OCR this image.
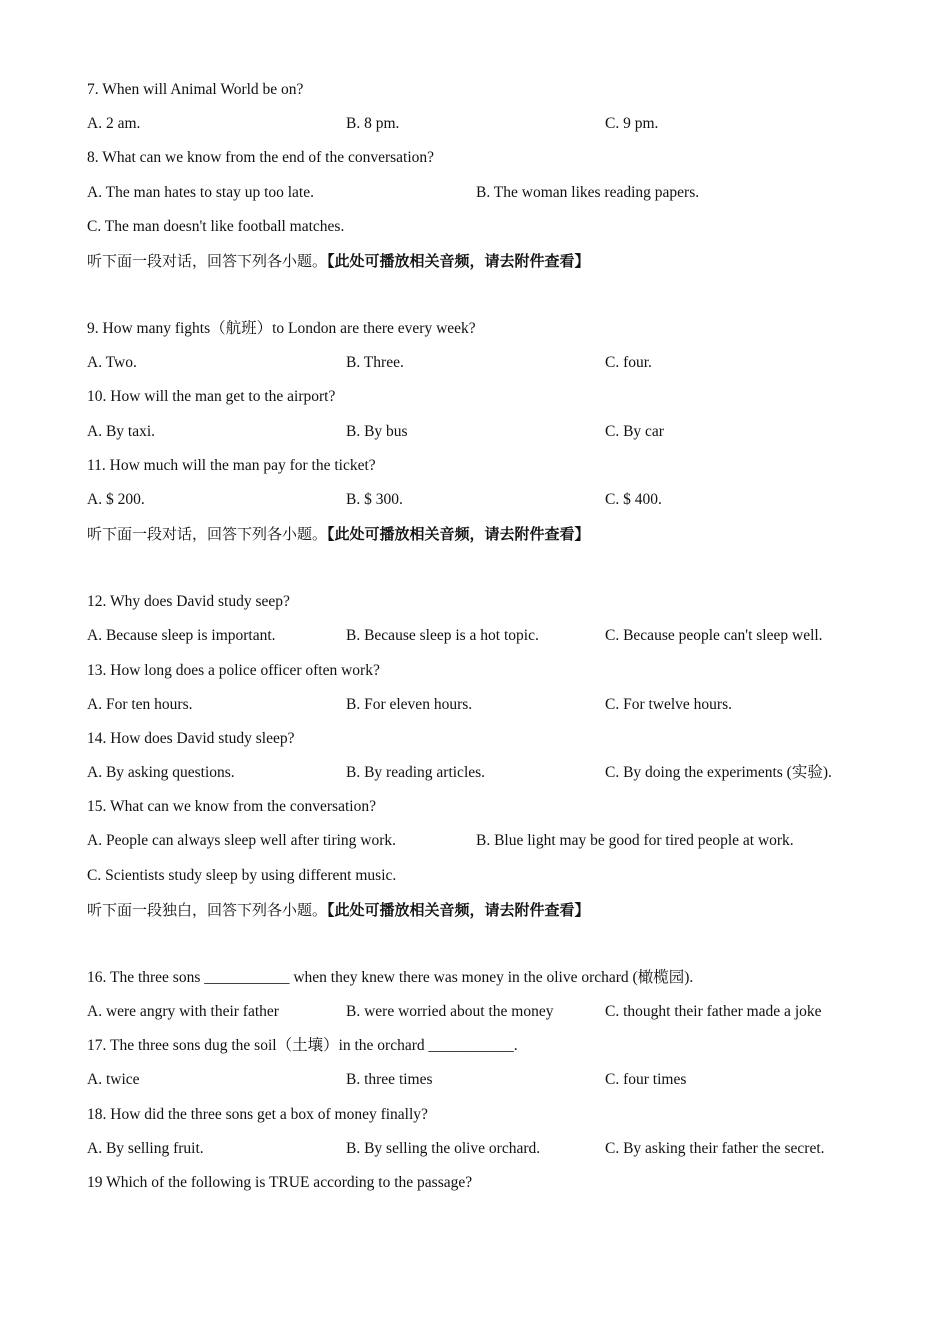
7. When will Animal World be on?
A. 2 am.	B. 8 pm.	C. 9 pm.
8. What can we know from the end of the conversation?
A. The man hates to stay up too late.	B. The woman likes reading papers.
C. The man doesn't like football matches.
听下面一段对话，回答下列各小题。【此处可播放相关音频，请去附件查看】
9. How many fights（航班）to London are there every week?
A. Two.	B. Three.	C. four.
10. How will the man get to the airport?
A. By taxi.	B. By bus	C. By car
11. How much will the man pay for the ticket?
A. $ 200.	B. $ 300.	C. $ 400.
听下面一段对话，回答下列各小题。【此处可播放相关音频，请去附件查看】
12. Why does David study seep?
A. Because sleep is important.	B. Because sleep is a hot topic.	C. Because people can't sleep well.
13. How long does a police officer often work?
A. For ten hours.	B. For eleven hours.	C. For twelve hours.
14. How does David study sleep?
A. By asking questions.	B. By reading articles.	C. By doing the experiments (实验).
15. What can we know from the conversation?
A. People can always sleep well after tiring work.	B. Blue light may be good for tired people at work.
C. Scientists study sleep by using different music.
听下面一段独白，回答下列各小题。【此处可播放相关音频，请去附件查看】
16. The three sons ___________ when they knew there was money in the olive orchard (橄榄园).
A. were angry with their father	B. were worried about the money	C. thought their father made a joke
17. The three sons dug the soil（土壤）in the orchard ___________.
A. twice	B. three times	C. four times
18. How did the three sons get a box of money finally?
A. By selling fruit.	B. By selling the olive orchard.	C. By asking their father the secret.
19 Which of the following is TRUE according to the passage?
